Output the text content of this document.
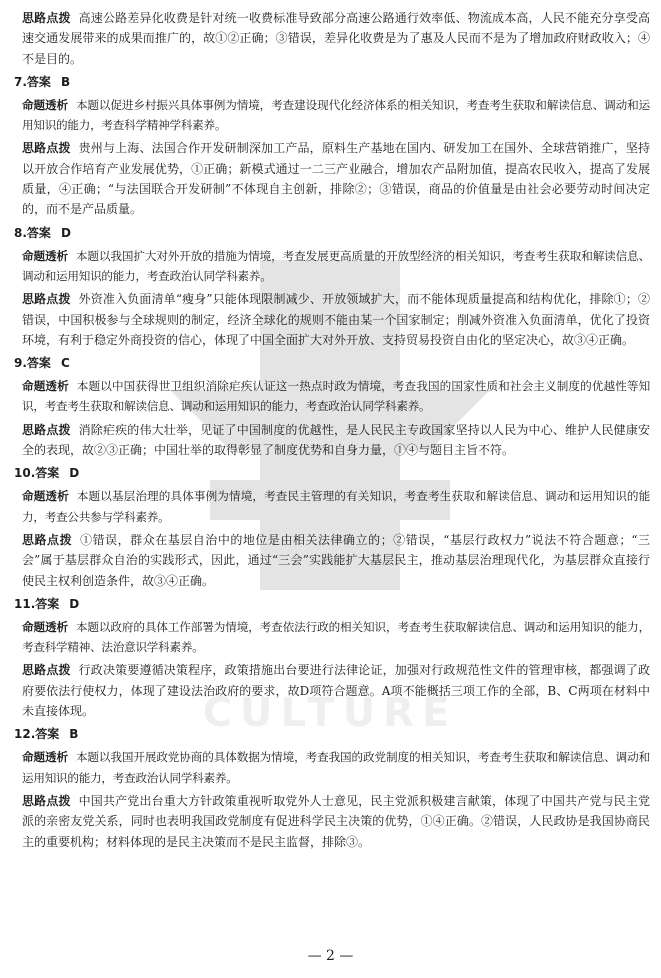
CULTURE

思路点拨 高速公路差异化收费是针对统一收费标准导致部分高速公路通行效率低、物流成本高，人民不能充分享受高速交通发展带来的成果而推广的，故①②正确；③错误，差异化收费是为了惠及人民而不是为了增加政府财政收入；④不是目的。

7.答案 B

命题透析 本题以促进乡村振兴具体事例为情境，考查建设现代化经济体系的相关知识，考查考生获取和解读信息、调动和运用知识的能力，考查科学精神学科素养。

思路点拨 贵州与上海、法国合作开发研制深加工产品，原料生产基地在国内、研发加工在国外、全球营销推广，坚持以开放合作培育产业发展优势，①正确；新模式通过一二三产业融合，增加农产品附加值，提高农民收入，提高了发展质量，④正确；“与法国联合开发研制”不体现自主创新，排除②；③错误，商品的价值量是由社会必要劳动时间决定的，而不是产品质量。

8.答案 D

命题透析 本题以我国扩大对外开放的措施为情境，考查发展更高质量的开放型经济的相关知识，考查考生获取和解读信息、调动和运用知识的能力，考查政治认同学科素养。

思路点拨 外资准入负面清单“瘦身”只能体现限制减少、开放领域扩大，而不能体现质量提高和结构优化，排除①；②错误，中国积极参与全球规则的制定，经济全球化的规则不能由某一个国家制定；削减外资准入负面清单，优化了投资环境，有利于稳定外商投资的信心，体现了中国全面扩大对外开放、支持贸易投资自由化的坚定决心，故③④正确。

9.答案 C

命题透析 本题以中国获得世卫组织消除疟疾认证这一热点时政为情境，考查我国的国家性质和社会主义制度的优越性等知识，考查考生获取和解读信息、调动和运用知识的能力，考查政治认同学科素养。

思路点拨 消除疟疾的伟大壮举，见证了中国制度的优越性，是人民民主专政国家坚持以人民为中心、维护人民健康安全的表现，故②③正确；中国壮举的取得彰显了制度优势和自身力量，①④与题目主旨不符。

10.答案 D

命题透析 本题以基层治理的具体事例为情境，考查民主管理的有关知识，考查考生获取和解读信息、调动和运用知识的能力，考查公共参与学科素养。

思路点拨 ①错误，群众在基层自治中的地位是由相关法律确立的；②错误，“基层行政权力”说法不符合题意；“三会”属于基层群众自治的实践形式，因此，通过“三会”实践能扩大基层民主，推动基层治理现代化，为基层群众直接行使民主权利创造条件，故③④正确。

11.答案 D

命题透析 本题以政府的具体工作部署为情境，考查依法行政的相关知识，考查考生获取解读信息、调动和运用知识的能力，考查科学精神、法治意识学科素养。

思路点拨 行政决策要遵循决策程序，政策措施出台要进行法律论证，加强对行政规范性文件的管理审核，都强调了政府要依法行使权力，体现了建设法治政府的要求，故D项符合题意。A项不能概括三项工作的全部，B、C两项在材料中未直接体现。

12.答案 B

命题透析 本题以我国开展政党协商的具体数据为情境，考查我国的政党制度的相关知识，考查考生获取和解读信息、调动和运用知识的能力，考查政治认同学科素养。

思路点拨 中国共产党出台重大方针政策重视听取党外人士意见，民主党派积极建言献策，体现了中国共产党与民主党派的亲密友党关系，同时也表明我国政党制度有促进科学民主决策的优势，①④正确。②错误，人民政协是我国协商民主的重要机构；材料体现的是民主决策而不是民主监督，排除③。

— 2 —
